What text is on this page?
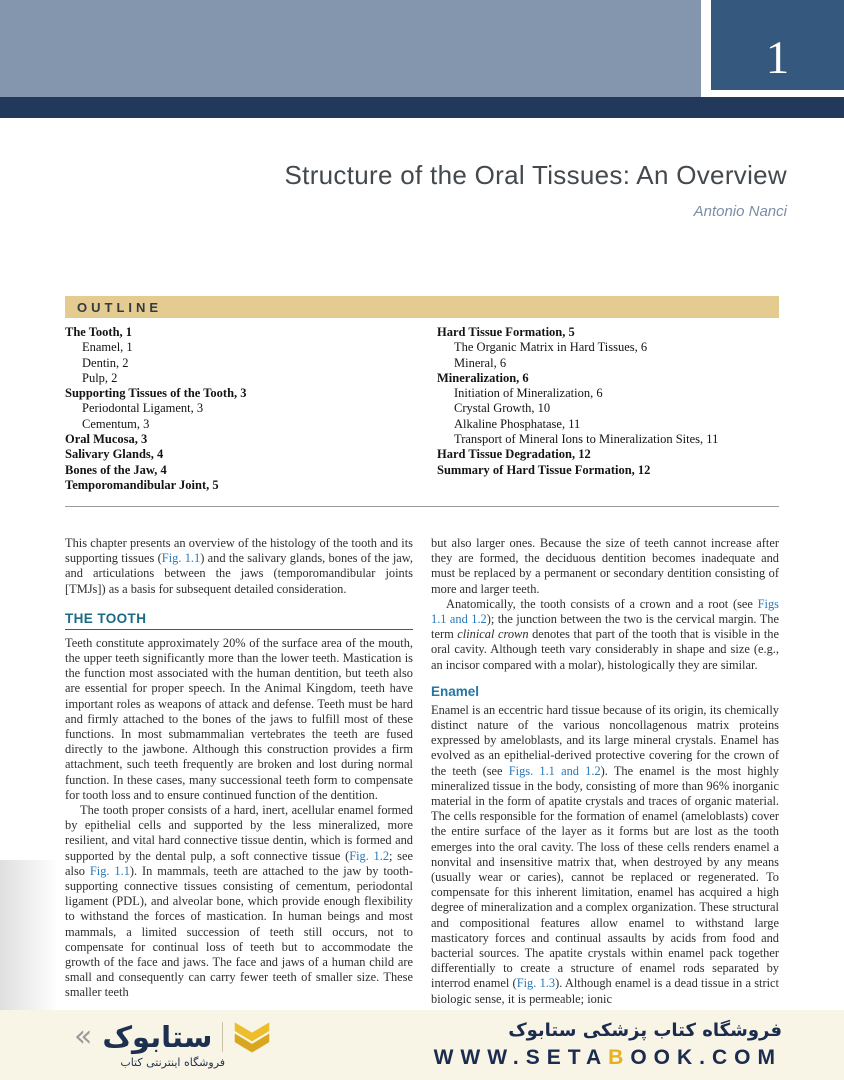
1
Structure of the Oral Tissues: An Overview
Antonio Nanci
OUTLINE
The Tooth, 1
Enamel, 1
Dentin, 2
Pulp, 2
Supporting Tissues of the Tooth, 3
Periodontal Ligament, 3
Cementum, 3
Oral Mucosa, 3
Salivary Glands, 4
Bones of the Jaw, 4
Temporomandibular Joint, 5
Hard Tissue Formation, 5
The Organic Matrix in Hard Tissues, 6
Mineral, 6
Mineralization, 6
Initiation of Mineralization, 6
Crystal Growth, 10
Alkaline Phosphatase, 11
Transport of Mineral Ions to Mineralization Sites, 11
Hard Tissue Degradation, 12
Summary of Hard Tissue Formation, 12

This chapter presents an overview of the histology of the tooth and its supporting tissues (Fig. 1.1) and the salivary glands, bones of the jaw, and articulations between the jaws (temporomandibular joints [TMJs]) as a basis for subsequent detailed consideration.

THE TOOTH

Teeth constitute approximately 20% of the surface area of the mouth, the upper teeth significantly more than the lower teeth. Mastication is the function most associated with the human dentition, but teeth also are essential for proper speech. In the Animal Kingdom, teeth have important roles as weapons of attack and defense. Teeth must be hard and firmly attached to the bones of the jaws to fulfill most of these functions. In most submammalian vertebrates the teeth are fused directly to the jawbone. Although this construction provides a firm attachment, such teeth frequently are broken and lost during normal function. In these cases, many successional teeth form to compensate for tooth loss and to ensure continued function of the dentition.

The tooth proper consists of a hard, inert, acellular enamel formed by epithelial cells and supported by the less mineralized, more resilient, and vital hard connective tissue dentin, which is formed and supported by the dental pulp, a soft connective tissue (Fig. 1.2; see also Fig. 1.1). In mammals, teeth are attached to the jaw by tooth-supporting connective tissues consisting of cementum, periodontal ligament (PDL), and alveolar bone, which provide enough flexibility to withstand the forces of mastication. In human beings and most mammals, a limited succession of teeth still occurs, not to compensate for continual loss of teeth but to accommodate the growth of the face and jaws. The face and jaws of a human child are small and consequently can carry fewer teeth of smaller size. These smaller teeth

but also larger ones. Because the size of teeth cannot increase after they are formed, the deciduous dentition becomes inadequate and must be replaced by a permanent or secondary dentition consisting of more and larger teeth.

Anatomically, the tooth consists of a crown and a root (see Figs 1.1 and 1.2); the junction between the two is the cervical margin. The term clinical crown denotes that part of the tooth that is visible in the oral cavity. Although teeth vary considerably in shape and size (e.g., an incisor compared with a molar), histologically they are similar.

Enamel

Enamel is an eccentric hard tissue because of its origin, its chemically distinct nature of the various noncollagenous matrix proteins expressed by ameloblasts, and its large mineral crystals. Enamel has evolved as an epithelial-derived protective covering for the crown of the teeth (see Figs. 1.1 and 1.2). The enamel is the most highly mineralized tissue in the body, consisting of more than 96% inorganic material in the form of apatite crystals and traces of organic material. The cells responsible for the formation of enamel (ameloblasts) cover the entire surface of the layer as it forms but are lost as the tooth emerges into the oral cavity. The loss of these cells renders enamel a nonvital and insensitive matrix that, when destroyed by any means (usually wear or caries), cannot be replaced or regenerated. To compensate for this inherent limitation, enamel has acquired a high degree of mineralization and a complex organization. These structural and compositional features allow enamel to withstand large masticatory forces and continual assaults by acids from food and bacterial sources. The apatite crystals within enamel pack together differentially to create a structure of enamel rods separated by interrod enamel (Fig. 1.3). Although enamel is a dead tissue in a strict biologic sense, it is permeable; ionic

« ستابوک
فروشگاه اینترنتی کتاب
فروشگاه کتاب پزشکی ستابوک
WWW.SETABOOK.COM
